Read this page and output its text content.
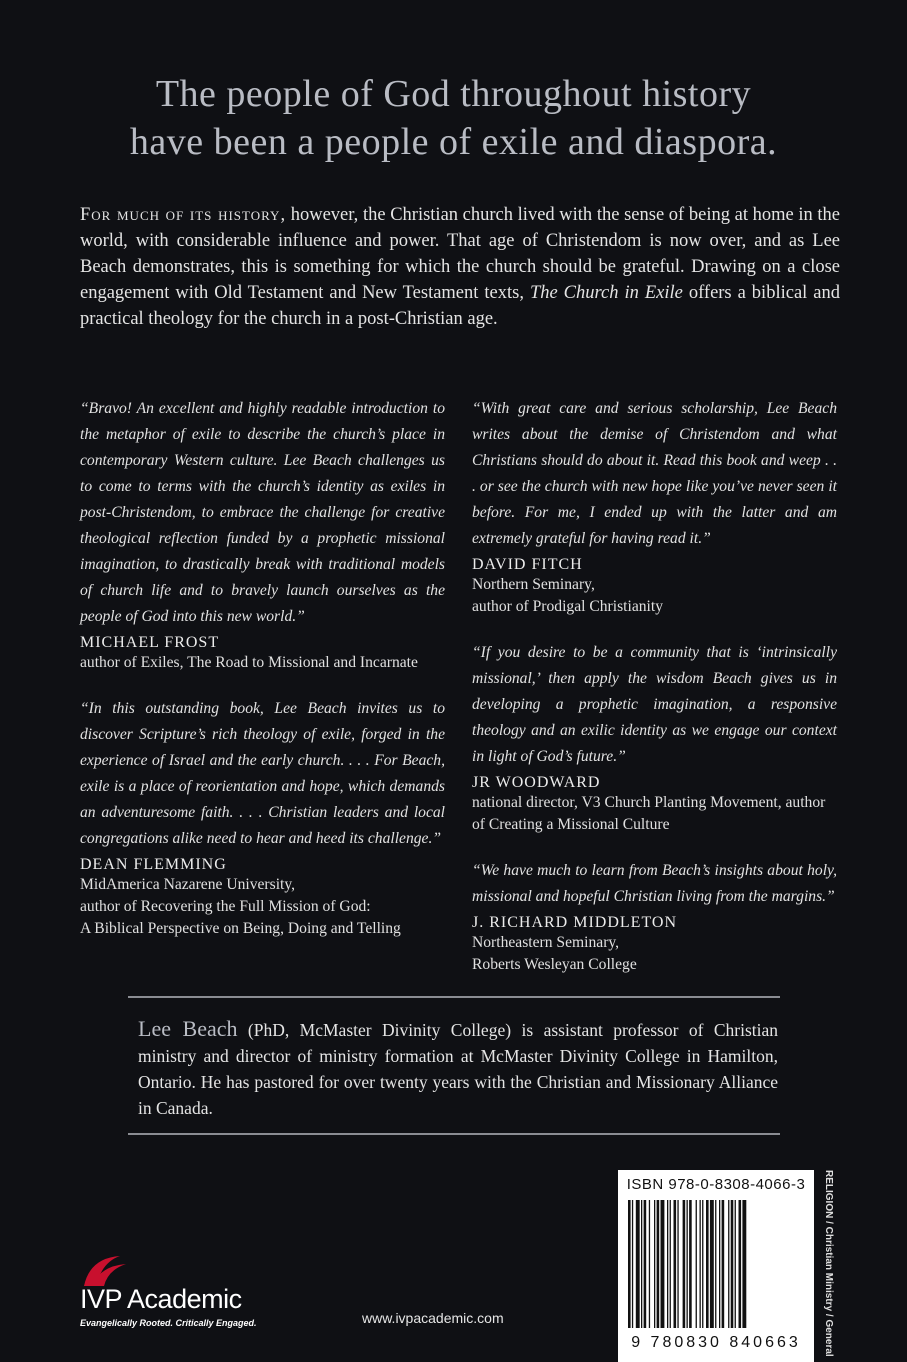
The people of God throughout history
have been a people of exile and diaspora.
For much of its history, however, the Christian church lived with the sense of being at home in the world, with considerable influence and power. That age of Christendom is now over, and as Lee Beach demonstrates, this is something for which the church should be grateful. Drawing on a close engagement with Old Testament and New Testament texts, The Church in Exile offers a biblical and practical theology for the church in a post-Christian age.

“Bravo! An excellent and highly readable introduction to the metaphor of exile to describe the church’s place in contemporary Western culture. Lee Beach challenges us to come to terms with the church’s identity as exiles in post-Christendom, to embrace the challenge for creative theological reflection funded by a prophetic missional imagination, to drastically break with traditional models of church life and to bravely launch ourselves as the people of God into this new world.”

MICHAEL FROST
author of Exiles, The Road to Missional and Incarnate

“In this outstanding book, Lee Beach invites us to discover Scripture’s rich theology of exile, forged in the experience of Israel and the early church. . . . For Beach, exile is a place of reorientation and hope, which demands an adventuresome faith. . . . Christian leaders and local congregations alike need to hear and heed its challenge.”

DEAN FLEMMING
MidAmerica Nazarene University,
author of Recovering the Full Mission of God:
A Biblical Perspective on Being, Doing and Telling

“With great care and serious scholarship, Lee Beach writes about the demise of Christendom and what Christians should do about it. Read this book and weep . . . or see the church with new hope like you’ve never seen it before. For me, I ended up with the latter and am extremely grateful for having read it.”

DAVID FITCH
Northern Seminary,
author of Prodigal Christianity

“If you desire to be a community that is ‘intrinsically missional,’ then apply the wisdom Beach gives us in developing a prophetic imagination, a responsive theology and an exilic identity as we engage our context in light of God’s future.”

JR WOODWARD
national director, V3 Church Planting Movement, author of Creating a Missional Culture

“We have much to learn from Beach’s insights about holy, missional and hopeful Christian living from the margins.”

J. RICHARD MIDDLETON
Northeastern Seminary,
Roberts Wesleyan College
Lee Beach (PhD, McMaster Divinity College) is assistant professor of Christian ministry and director of ministry formation at McMaster Divinity College in Hamilton, Ontario. He has pastored for over twenty years with the Christian and Missionary Alliance in Canada.
ISBN 978-0-8308-4066-3
9 780830 840663	RELIGION / Christian Ministry / General
IVP Academic
Evangelically Rooted. Critically Engaged.	www.ivpacademic.com
